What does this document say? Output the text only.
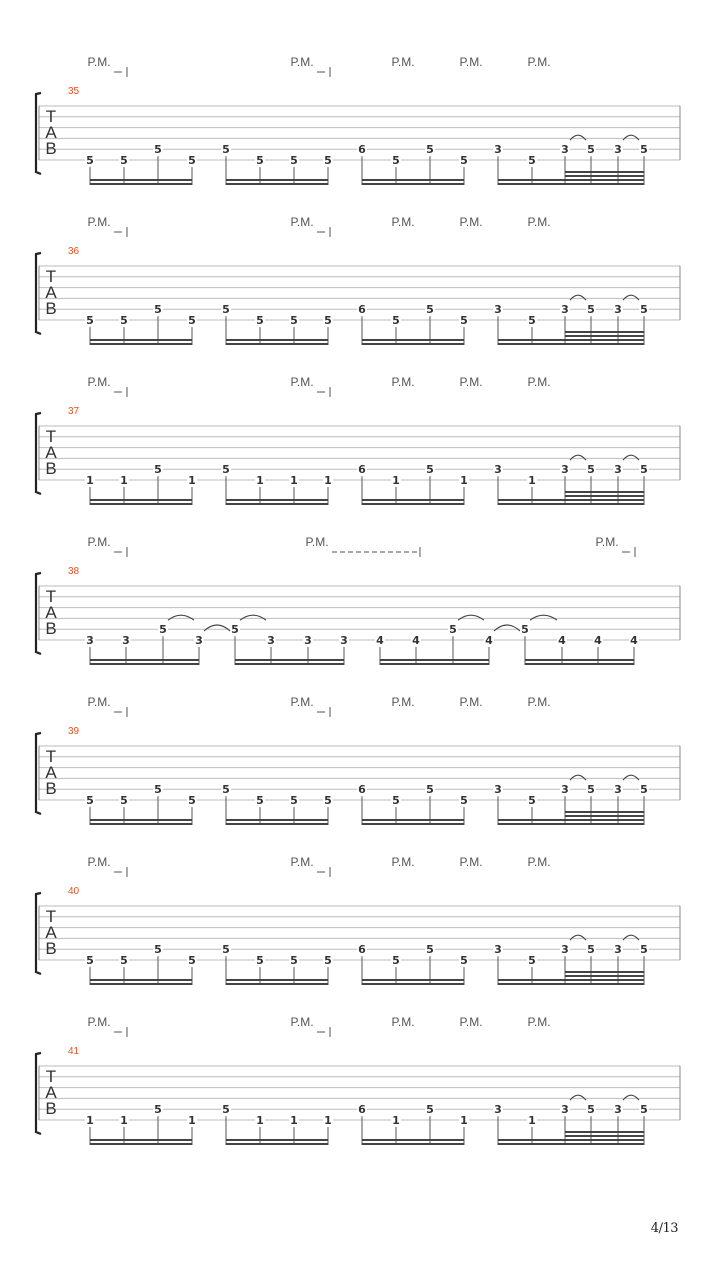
T
A
B
35
P.M.	P.M.	P.M.	P.M.	P.M.
5 5
5
5
5
5 5 5
6
5
5
5
3
5
3 5 3 5
T
A
B
36
P.M.	P.M.	P.M.	P.M.	P.M.
5 5
5
5
5
5 5 5
6
5
5
5
3
5
3 5 3 5
T
A
B
37
P.M.	P.M.	P.M.	P.M.	P.M.
1 1
5
1
5
1 1 1
6
1
5
1
3
1
3 5 3 5
T
A
B
38
P.M.	P.M.	P.M.
3	3
5
3
5
3	3	3	4	4
5
4
5
4	4	4
T
A
B
39
P.M.	P.M.	P.M.	P.M.	P.M.
5 5
5
5
5
5 5 5
6
5
5
5
3
5
3 5 3 5
T
A
B
40
P.M.	P.M.	P.M.	P.M.	P.M.
5 5
5
5
5
5 5 5
6
5
5
5
3
5
3 5 3 5
T
A
B
41
P.M.	P.M.	P.M.	P.M.	P.M.
1 1
5
1
5
1 1 1
6
1
5
1
3
1
3 5 3 5
4/13
